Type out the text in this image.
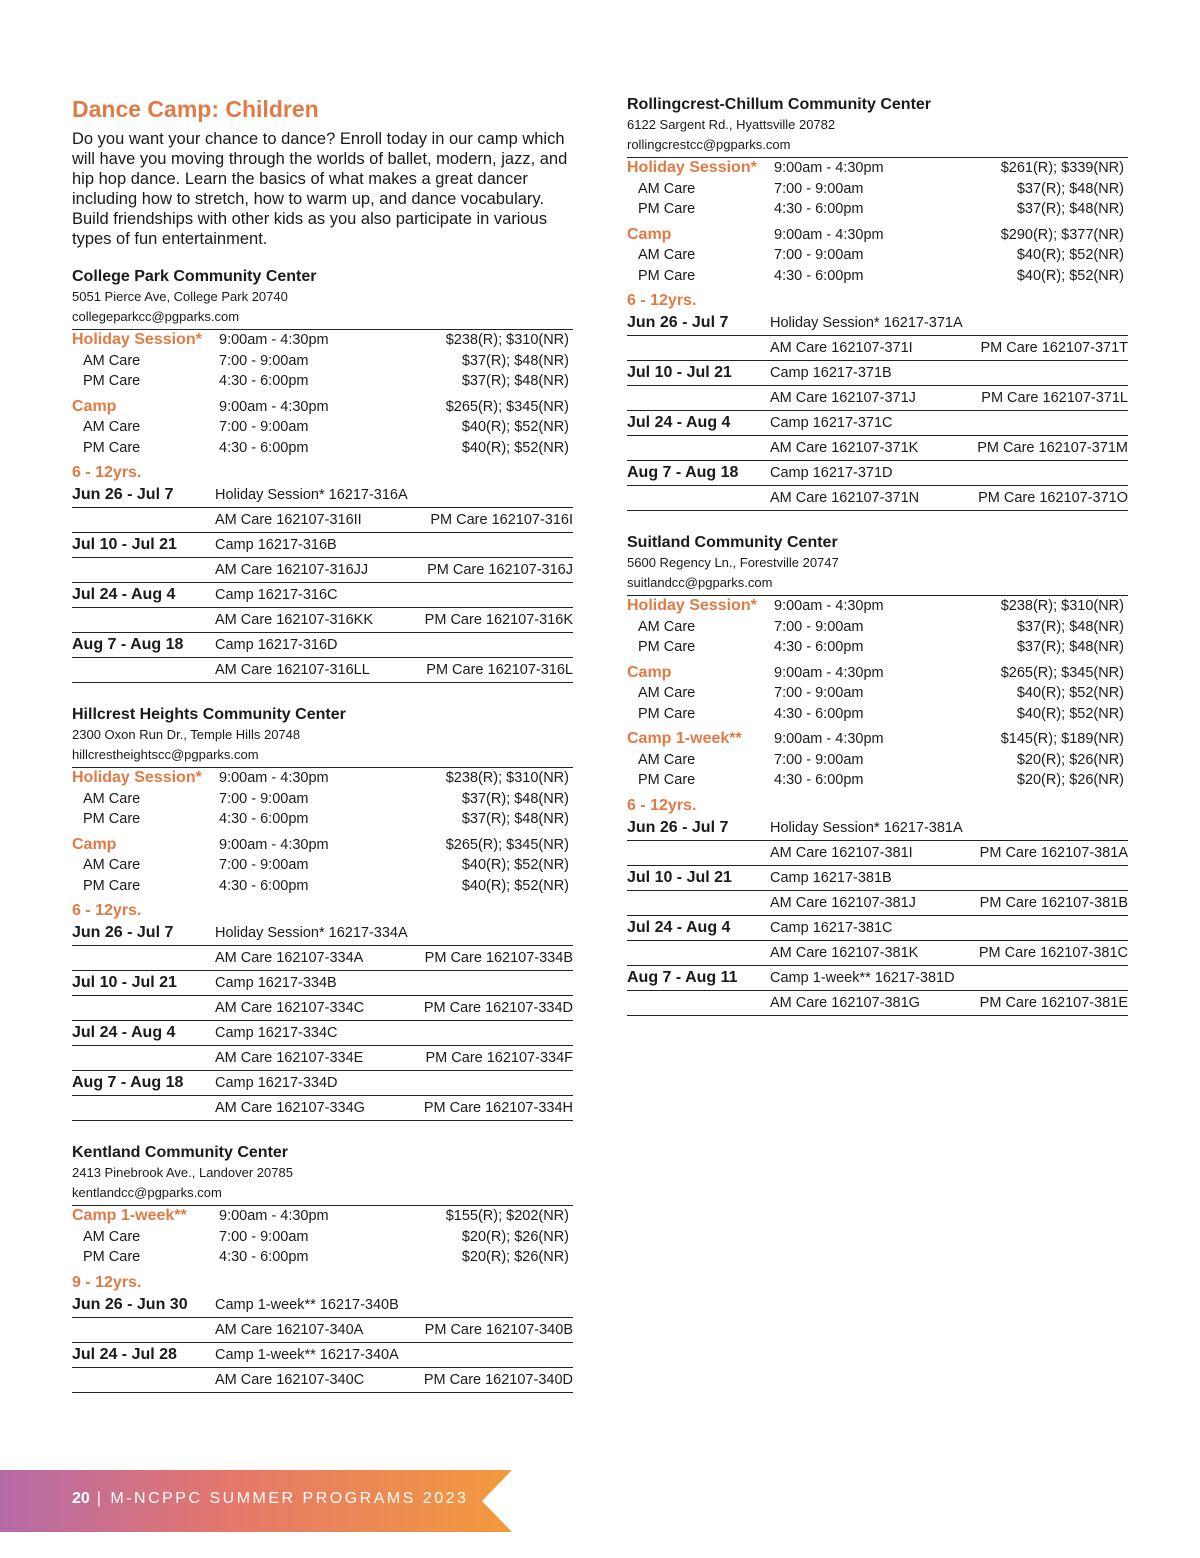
Dance Camp: Children

Do you want your chance to dance? Enroll today in our camp which will have you moving through the worlds of ballet, modern, jazz, and hip hop dance. Learn the basics of what makes a great dancer including how to stretch, how to warm up, and dance vocabulary. Build friendships with other kids as you also participate in various types of fun entertainment.

College Park Community Center
5051 Pierce Ave, College Park 20740
collegeparkcc@pgparks.com
Holiday Session*	9:00am - 4:30pm	$238(R); $310(NR)
AM Care	7:00 - 9:00am	$37(R); $48(NR)
PM Care	4:30 - 6:00pm	$37(R); $48(NR)
Camp	9:00am - 4:30pm	$265(R); $345(NR)
AM Care	7:00 - 9:00am	$40(R); $52(NR)
PM Care	4:30 - 6:00pm	$40(R); $52(NR)
6 - 12yrs.
Jun 26 - Jul 7	Holiday Session* 16217-316A
AM Care 162107-316II	PM Care 162107-316I
Jul 10 - Jul 21	Camp 16217-316B
AM Care 162107-316JJ	PM Care 162107-316J
Jul 24 - Aug 4	Camp 16217-316C
AM Care 162107-316KK	PM Care 162107-316K
Aug 7 - Aug 18	Camp 16217-316D
AM Care 162107-316LL	PM Care 162107-316L
Hillcrest Heights Community Center
2300 Oxon Run Dr., Temple Hills 20748
hillcrestheightscc@pgparks.com
Holiday Session*	9:00am - 4:30pm	$238(R); $310(NR)
AM Care	7:00 - 9:00am	$37(R); $48(NR)
PM Care	4:30 - 6:00pm	$37(R); $48(NR)
Camp	9:00am - 4:30pm	$265(R); $345(NR)
AM Care	7:00 - 9:00am	$40(R); $52(NR)
PM Care	4:30 - 6:00pm	$40(R); $52(NR)
6 - 12yrs.
Jun 26 - Jul 7	Holiday Session* 16217-334A
AM Care 162107-334A	PM Care 162107-334B
Jul 10 - Jul 21	Camp 16217-334B
AM Care 162107-334C	PM Care 162107-334D
Jul 24 - Aug 4	Camp 16217-334C
AM Care 162107-334E	PM Care 162107-334F
Aug 7 - Aug 18	Camp 16217-334D
AM Care 162107-334G	PM Care 162107-334H
Kentland Community Center
2413 Pinebrook Ave., Landover 20785
kentlandcc@pgparks.com
Camp 1-week**	9:00am - 4:30pm	$155(R); $202(NR)
AM Care	7:00 - 9:00am	$20(R); $26(NR)
PM Care	4:30 - 6:00pm	$20(R); $26(NR)
9 - 12yrs.
Jun 26 - Jun 30	Camp 1-week** 16217-340B
AM Care 162107-340A	PM Care 162107-340B
Jul 24 - Jul 28	Camp 1-week** 16217-340A
AM Care 162107-340C	PM Care 162107-340D
Rollingcrest-Chillum Community Center
6122 Sargent Rd., Hyattsville 20782
rollingcrestcc@pgparks.com
Holiday Session*	9:00am - 4:30pm	$261(R); $339(NR)
AM Care	7:00 - 9:00am	$37(R); $48(NR)
PM Care	4:30 - 6:00pm	$37(R); $48(NR)
Camp	9:00am - 4:30pm	$290(R); $377(NR)
AM Care	7:00 - 9:00am	$40(R); $52(NR)
PM Care	4:30 - 6:00pm	$40(R); $52(NR)
6 - 12yrs.
Jun 26 - Jul 7	Holiday Session* 16217-371A
AM Care 162107-371I	PM Care 162107-371T
Jul 10 - Jul 21	Camp 16217-371B
AM Care 162107-371J	PM Care 162107-371L
Jul 24 - Aug 4	Camp 16217-371C
AM Care 162107-371K	PM Care 162107-371M
Aug 7 - Aug 18	Camp 16217-371D
AM Care 162107-371N	PM Care 162107-371O
Suitland Community Center
5600 Regency Ln., Forestville 20747
suitlandcc@pgparks.com
Holiday Session*	9:00am - 4:30pm	$238(R); $310(NR)
AM Care	7:00 - 9:00am	$37(R); $48(NR)
PM Care	4:30 - 6:00pm	$37(R); $48(NR)
Camp	9:00am - 4:30pm	$265(R); $345(NR)
AM Care	7:00 - 9:00am	$40(R); $52(NR)
PM Care	4:30 - 6:00pm	$40(R); $52(NR)
Camp 1-week**	9:00am - 4:30pm	$145(R); $189(NR)
AM Care	7:00 - 9:00am	$20(R); $26(NR)
PM Care	4:30 - 6:00pm	$20(R); $26(NR)
6 - 12yrs.
Jun 26 - Jul 7	Holiday Session* 16217-381A
AM Care 162107-381I	PM Care 162107-381A
Jul 10 - Jul 21	Camp 16217-381B
AM Care 162107-381J	PM Care 162107-381B
Jul 24 - Aug 4	Camp 16217-381C
AM Care 162107-381K	PM Care 162107-381C
Aug 7 - Aug 11	Camp 1-week** 16217-381D
AM Care 162107-381G	PM Care 162107-381E
20 | M-NCPPC SUMMER PROGRAMS 2023
